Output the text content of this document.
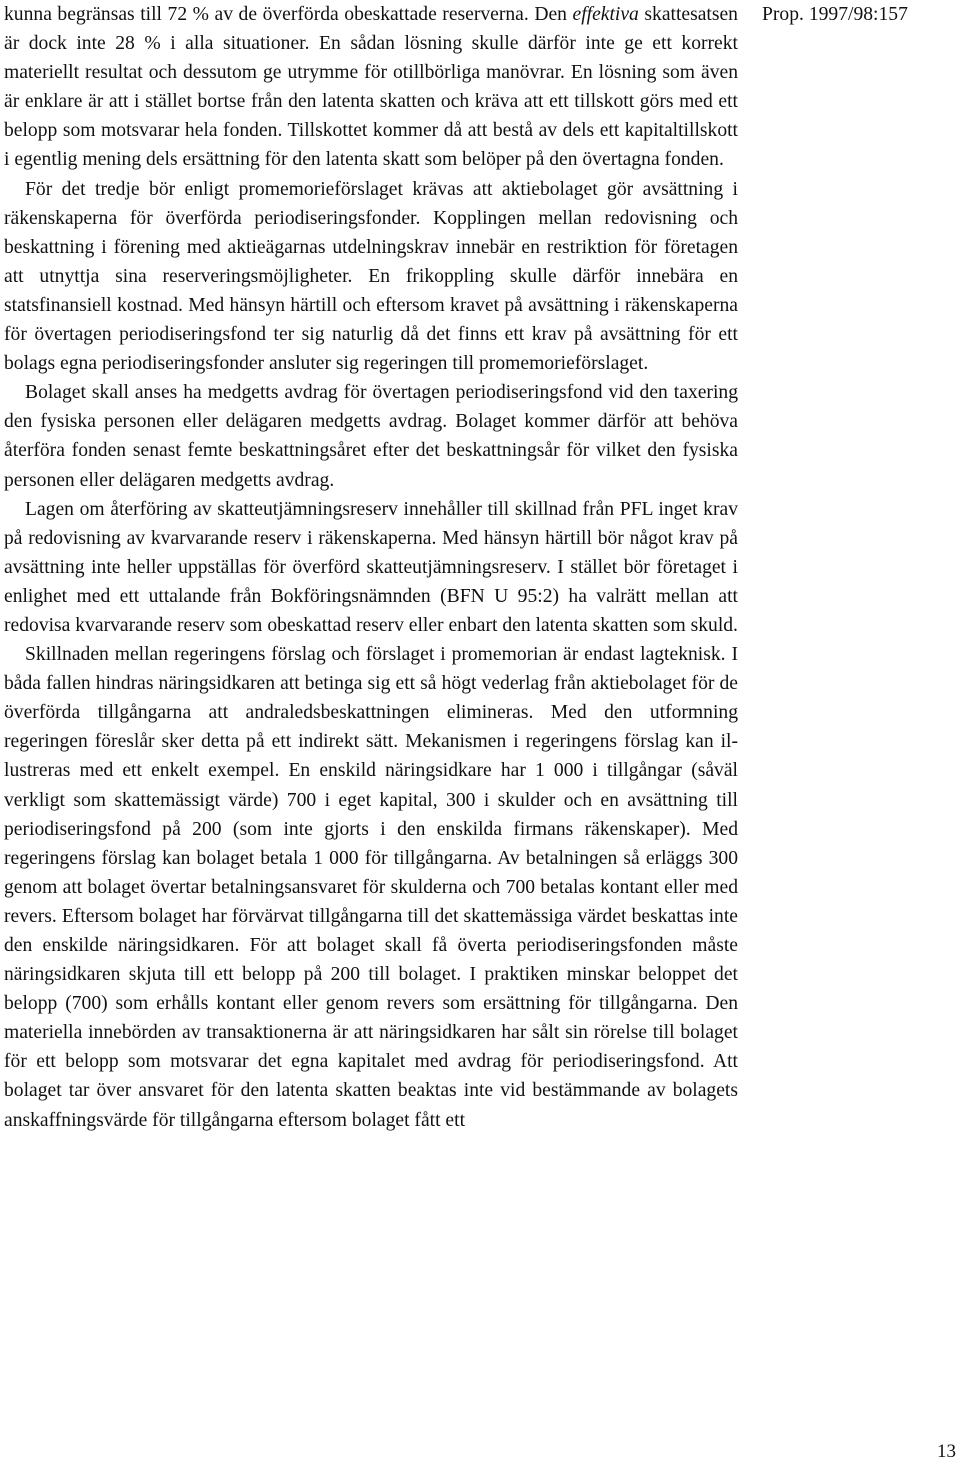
kunna begränsas till 72 % av de överförda obeskattade reserverna. Den effektiva skattesatsen är dock inte 28 % i alla situationer. En sådan lösning skulle därför inte ge ett korrekt materiellt resultat och dessutom ge utrymme för otillbörliga manövrar. En lösning som även är enklare är att i stället bortse från den latenta skatten och kräva att ett tillskott görs med ett belopp som motsvarar hela fonden. Tillskottet kommer då att bestå av dels ett kapitaltillskott i egentlig mening dels ersättning för den latenta skatt som belöper på den övertagna fonden.

För det tredje bör enligt promemorieförslaget krävas att aktiebolaget gör avsättning i räkenskaperna för överförda periodiseringsfonder. Kopplingen mellan redovisning och beskattning i förening med aktieägarnas utdelningskrav innebär en restriktion för företagen att utnyttja sina reserveringsmöjligheter. En frikoppling skulle därför innebära en statsfinansiell kostnad. Med hänsyn härtill och eftersom kravet på avsättning i räkenskaperna för övertagen periodiseringsfond ter sig naturlig då det finns ett krav på avsättning för ett bolags egna periodiseringsfonder ansluter sig regeringen till promemorieförslaget.

Bolaget skall anses ha medgetts avdrag för övertagen periodiseringsfond vid den taxering den fysiska personen eller delägaren medgetts avdrag. Bolaget kommer därför att behöva återföra fonden senast femte beskattningsåret efter det beskattningsår för vilket den fysiska personen eller delägaren medgetts avdrag.

Lagen om återföring av skatteutjämningsreserv innehåller till skillnad från PFL inget krav på redovisning av kvarvarande reserv i räkenskaperna. Med hänsyn härtill bör något krav på avsättning inte heller uppställas för överförd skatteutjämningsreserv. I stället bör företaget i enlighet med ett uttalande från Bokföringsnämnden (BFN U 95:2) ha valrätt mellan att redovisa kvarvarande reserv som obeskattad reserv eller enbart den latenta skatten som skuld.

Skillnaden mellan regeringens förslag och förslaget i promemorian är endast lagteknisk. I båda fallen hindras näringsidkaren att betinga sig ett så högt vederlag från aktiebolaget för de överförda tillgångarna att andraledsbeskattningen elimineras. Med den utformning regeringen föreslår sker detta på ett indirekt sätt. Mekanismen i regeringens förslag kan illustreras med ett enkelt exempel. En enskild näringsidkare har 1 000 i tillgångar (såväl verkligt som skattemässigt värde) 700 i eget kapital, 300 i skulder och en avsättning till periodiseringsfond på 200 (som inte gjorts i den enskilda firmans räkenskaper). Med regeringens förslag kan bolaget betala 1 000 för tillgångarna. Av betalningen så erläggs 300 genom att bolaget övertar betalningsansvaret för skulderna och 700 betalas kontant eller med revers. Eftersom bolaget har förvärvat tillgångarna till det skattemässiga värdet beskattas inte den enskilde näringsidkaren. För att bolaget skall få överta periodiseringsfonden måste näringsidkaren skjuta till ett belopp på 200 till bolaget. I praktiken minskar beloppet det belopp (700) som erhålls kontant eller genom revers som ersättning för tillgångarna. Den materiella innebörden av transaktionerna är att näringsidkaren har sålt sin rörelse till bolaget för ett belopp som motsvarar det egna kapitalet med avdrag för periodiseringsfond. Att bolaget tar över ansvaret för den latenta skatten beaktas inte vid bestämmande av bolagets anskaffningsvärde för tillgångarna eftersom bolaget fått ett

Prop. 1997/98:157
13
